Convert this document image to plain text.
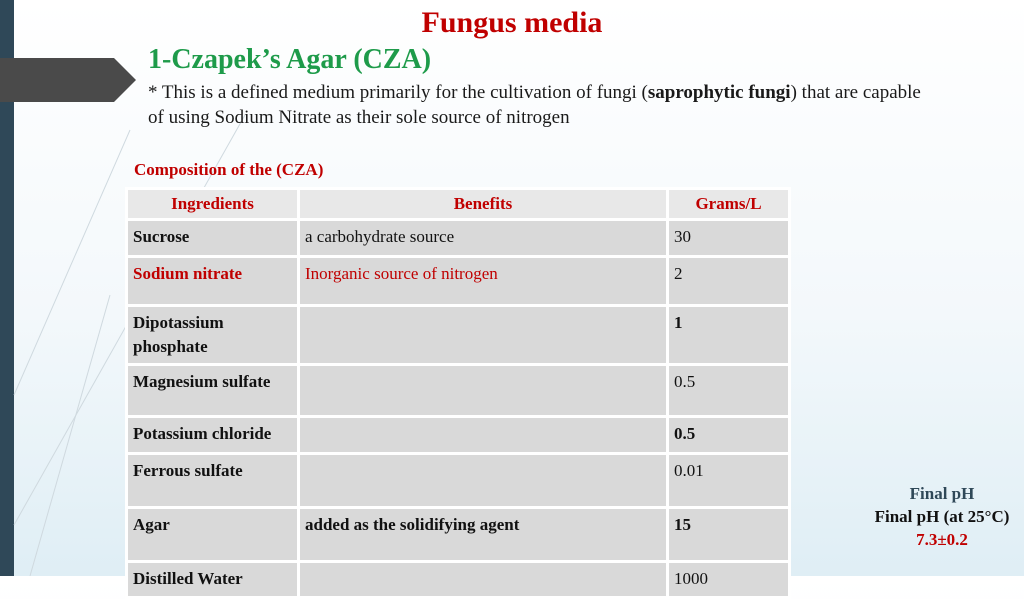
Fungus media
1-Czapek’s Agar (CZA)
* This is a defined medium primarily for the cultivation of fungi (saprophytic fungi) that are capable of using Sodium Nitrate as their sole source of nitrogen
Composition of the (CZA)
Ingredients	Benefits	Grams/L
Sucrose	a carbohydrate source	30
Sodium nitrate	Inorganic source of nitrogen	2
Dipotassium phosphate		1
Magnesium sulfate		0.5
Potassium chloride		0.5
Ferrous sulfate		0.01
Agar	added as the solidifying agent	15
Distilled Water		1000
Final pH
Final pH (at 25°C)
7.3±0.2
